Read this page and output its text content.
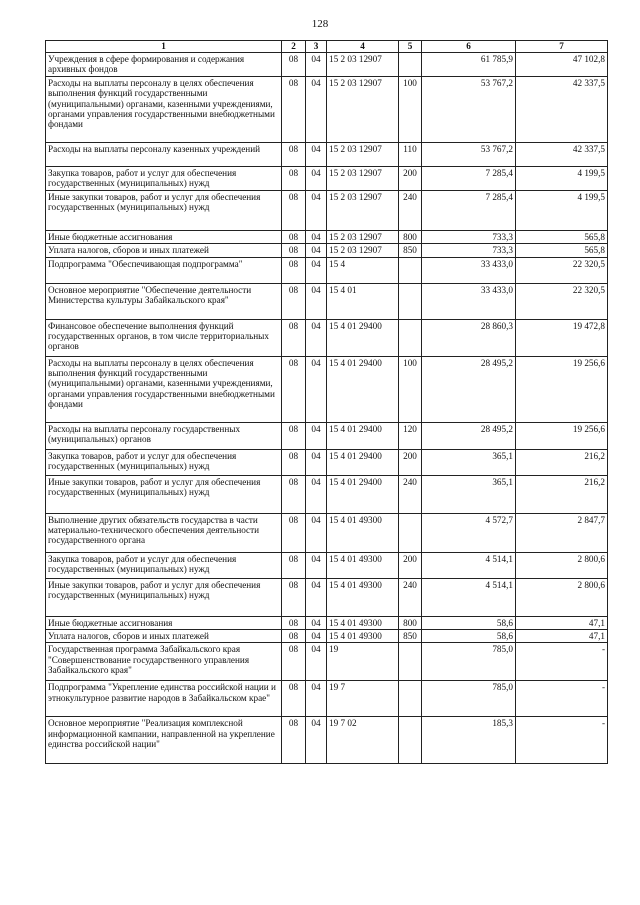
128
1	2	3	4	5	6	7
Учреждения в сфере формирования и содержания архивных фондов	08	04	15 2 03 12907		61 785,9	47 102,8
Расходы на выплаты персоналу в целях обеспечения выполнения функций государственными (муниципальными) органами, казенными учреждениями, органами управления государственными внебюджетными фондами	08	04	15 2 03 12907	100	53 767,2	42 337,5
Расходы на выплаты персоналу казенных учреждений	08	04	15 2 03 12907	110	53 767,2	42 337,5
Закупка товаров, работ и услуг для обеспечения государственных (муниципальных) нужд	08	04	15 2 03 12907	200	7 285,4	4 199,5
Иные закупки товаров, работ и услуг для обеспечения государственных (муниципальных) нужд	08	04	15 2 03 12907	240	7 285,4	4 199,5
Иные бюджетные ассигнования	08	04	15 2 03 12907	800	733,3	565,8
Уплата налогов, сборов и иных платежей	08	04	15 2 03 12907	850	733,3	565,8
Подпрограмма "Обеспечивающая подпрограмма"	08	04	15 4		33 433,0	22 320,5
Основное мероприятие "Обеспечение деятельности Министерства культуры Забайкальского края"	08	04	15 4 01		33 433,0	22 320,5
Финансовое обеспечение выполнения функций государственных органов, в том числе территориальных органов	08	04	15 4 01 29400		28 860,3	19 472,8
Расходы на выплаты персоналу в целях обеспечения выполнения функций государственными (муниципальными) органами, казенными учреждениями, органами управления государственными внебюджетными фондами	08	04	15 4 01 29400	100	28 495,2	19 256,6
Расходы на выплаты персоналу государственных (муниципальных) органов	08	04	15 4 01 29400	120	28 495,2	19 256,6
Закупка товаров, работ и услуг для обеспечения государственных (муниципальных) нужд	08	04	15 4 01 29400	200	365,1	216,2
Иные закупки товаров, работ и услуг для обеспечения государственных (муниципальных) нужд	08	04	15 4 01 29400	240	365,1	216,2
Выполнение других обязательств государства в части материально-технического обеспечения деятельности государственного органа	08	04	15 4 01 49300		4 572,7	2 847,7
Закупка товаров, работ и услуг для обеспечения государственных (муниципальных) нужд	08	04	15 4 01 49300	200	4 514,1	2 800,6
Иные закупки товаров, работ и услуг для обеспечения государственных (муниципальных) нужд	08	04	15 4 01 49300	240	4 514,1	2 800,6
Иные бюджетные ассигнования	08	04	15 4 01 49300	800	58,6	47,1
Уплата налогов, сборов и иных платежей	08	04	15 4 01 49300	850	58,6	47,1
Государственная программа Забайкальского края "Совершенствование государственного управления Забайкальского края"	08	04	19		785,0	-
Подпрограмма "Укрепление единства российской нации и этнокультурное развитие народов в Забайкальском крае"	08	04	19 7		785,0	-
Основное мероприятие "Реализация комплексной информационной кампании, направленной на укрепление единства российской нации"	08	04	19 7 02		185,3	-
